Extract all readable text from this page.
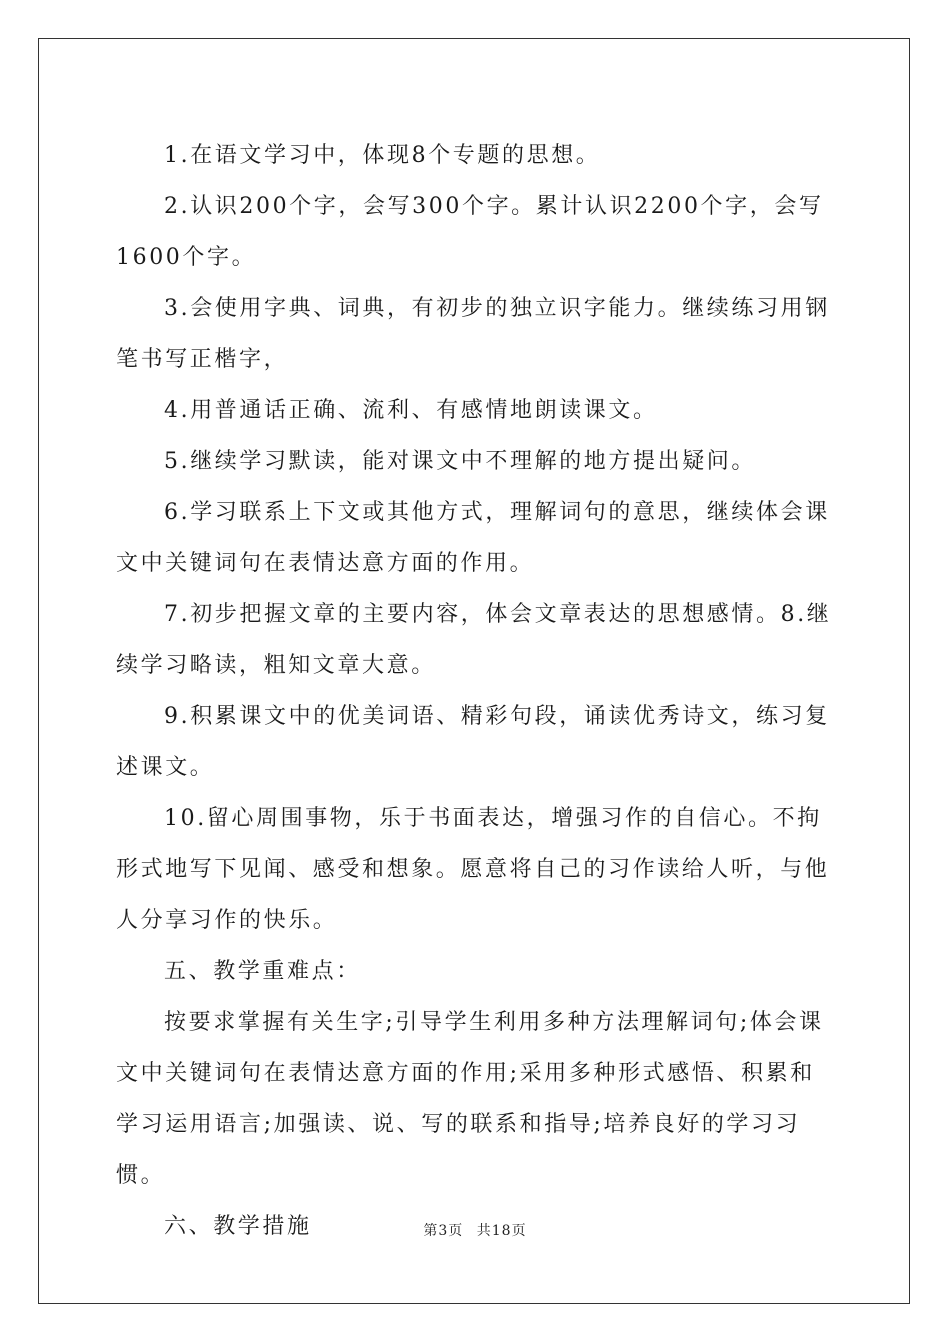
1.在语文学习中，体现8个专题的思想。

2.认识200个字，会写300个字。累计认识2200个字，会写1600个字。

3.会使用字典、词典，有初步的独立识字能力。继续练习用钢笔书写正楷字，

4.用普通话正确、流利、有感情地朗读课文。

5.继续学习默读，能对课文中不理解的地方提出疑问。

6.学习联系上下文或其他方式，理解词句的意思，继续体会课文中关键词句在表情达意方面的作用。

7.初步把握文章的主要内容，体会文章表达的思想感情。8.继续学习略读，粗知文章大意。

9.积累课文中的优美词语、精彩句段，诵读优秀诗文，练习复述课文。

10.留心周围事物，乐于书面表达，增强习作的自信心。不拘形式地写下见闻、感受和想象。愿意将自己的习作读给人听，与他人分享习作的快乐。

五、教学重难点：

按要求掌握有关生字;引导学生利用多种方法理解词句;体会课文中关键词句在表情达意方面的作用;采用多种形式感悟、积累和学习运用语言;加强读、说、写的联系和指导;培养良好的学习习惯。

六、教学措施	第3页 共18页
